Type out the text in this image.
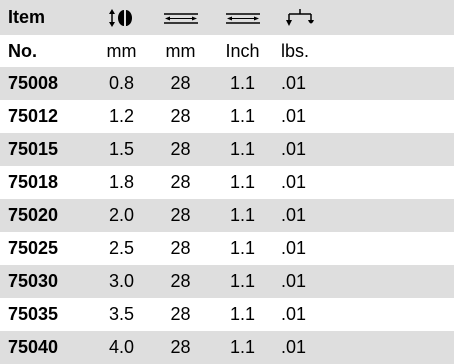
Item				
No.	mm	mm	Inch	lbs.
75008	0.8	28	1.1	.01
75012	1.2	28	1.1	.01
75015	1.5	28	1.1	.01
75018	1.8	28	1.1	.01
75020	2.0	28	1.1	.01
75025	2.5	28	1.1	.01
75030	3.0	28	1.1	.01
75035	3.5	28	1.1	.01
75040	4.0	28	1.1	.01
